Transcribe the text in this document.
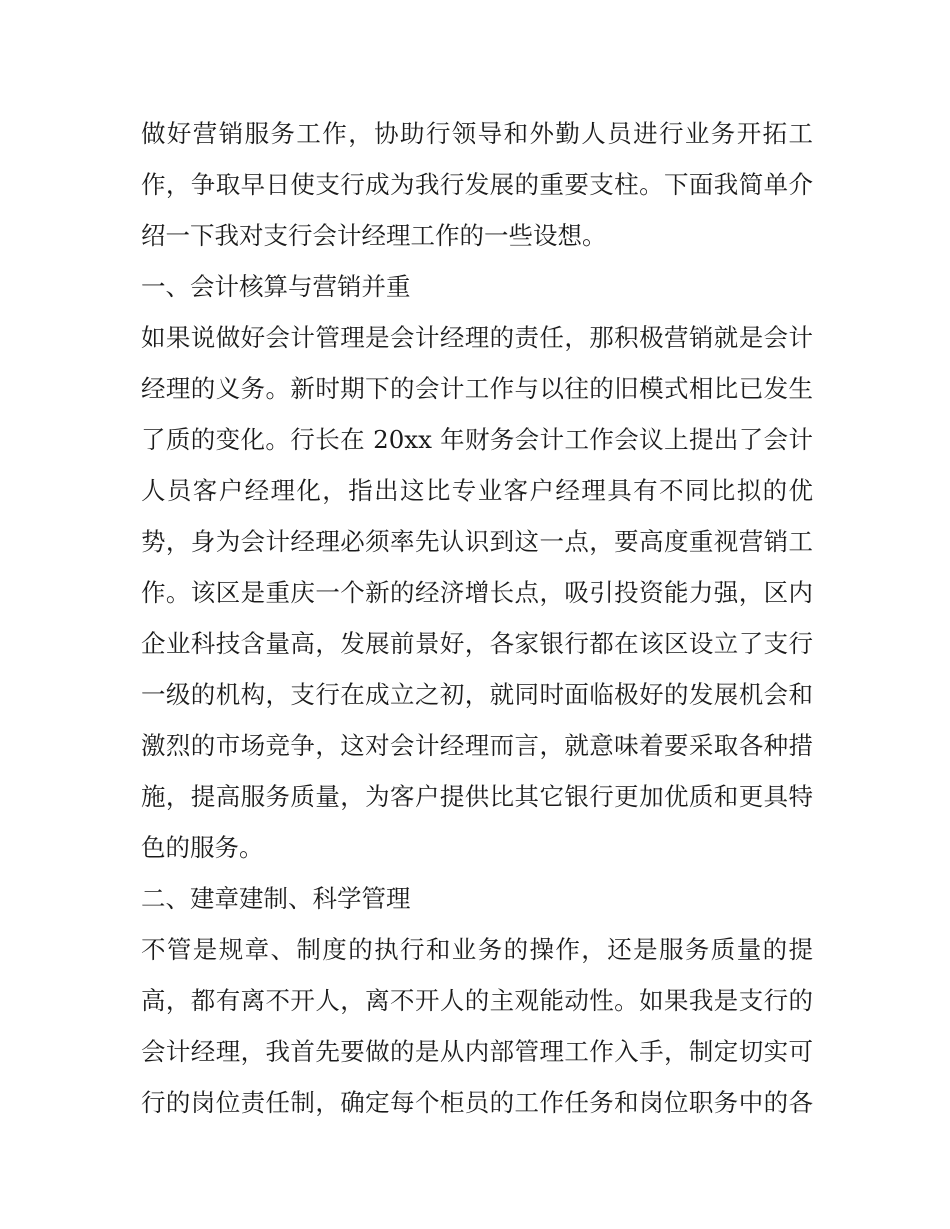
做好营销服务工作，协助行领导和外勤人员进行业务开拓工
作，争取早日使支行成为我行发展的重要支柱。下面我简单介
绍一下我对支行会计经理工作的一些设想。
一、会计核算与营销并重
如果说做好会计管理是会计经理的责任，那积极营销就是会计
经理的义务。新时期下的会计工作与以往的旧模式相比已发生
了质的变化。行长在 20xx 年财务会计工作会议上提出了会计
人员客户经理化，指出这比专业客户经理具有不同比拟的优
势，身为会计经理必须率先认识到这一点，要高度重视营销工
作。该区是重庆一个新的经济增长点，吸引投资能力强，区内
企业科技含量高，发展前景好，各家银行都在该区设立了支行
一级的机构，支行在成立之初，就同时面临极好的发展机会和
激烈的市场竞争，这对会计经理而言，就意味着要采取各种措
施，提高服务质量，为客户提供比其它银行更加优质和更具特
色的服务。
二、建章建制、科学管理
不管是规章、制度的执行和业务的操作，还是服务质量的提
高，都有离不开人，离不开人的主观能动性。如果我是支行的
会计经理，我首先要做的是从内部管理工作入手，制定切实可
行的岗位责任制，确定每个柜员的工作任务和岗位职务中的各
